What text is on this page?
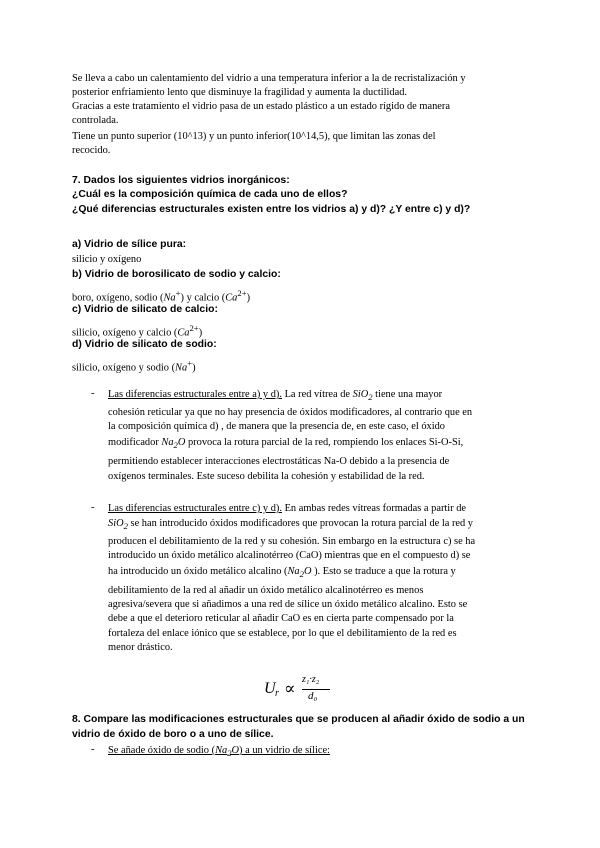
Se lleva a cabo un calentamiento del vidrio a una temperatura inferior a la de recristalización y
posterior enfriamiento lento que disminuye la fragilidad y aumenta la ductilidad.
Gracias a este tratamiento el vidrio pasa de un estado plástico a un estado rígido de manera
controlada.
Tiene un punto superior (10^13) y un punto inferior(10^14,5), que limitan las zonas del
recocido.
7. Dados los siguientes vidrios inorgánicos:
¿Cuál es la composición química de cada uno de ellos?
¿Qué diferencias estructurales existen entre los vidrios a) y d)? ¿Y entre c) y d)?
a) Vidrio de sílice pura:
silicio y oxígeno
b) Vidrio de borosilicato de sodio y calcio:
boro, oxígeno, sodio (Na+) y calcio $(Ca^{2+})$
c) Vidrio de silicato de calcio:
silicio, oxígeno y calcio $(Ca^{2+})$
d) Vidrio de silicato de sodio:
silicio, oxígeno y sodio (Na+)
- Las diferencias estructurales entre a) y d). La red vítrea de SiO$_2$ tiene una mayor
cohesión reticular ya que no hay presencia de óxidos modificadores, al contrario que en
la composición química d) , de manera que la presencia de, en este caso, el óxido
modificador $Na_2O$ provoca la rotura parcial de la red, rompiendo los enlaces Si-O-Si,
permitiendo establecer interacciones electrostáticas Na-O debido a la presencia de
oxígenos terminales. Este suceso debilita la cohesión y estabilidad de la red.
- Las diferencias estructurales entre c) y d). En ambas redes vítreas formadas a partir de
SiO$_2$ se han introducido óxidos modificadores que provocan la rotura parcial de la red y
producen el debilitamiento de la red y su cohesión. Sin embargo en la estructura c) se ha
introducido un óxido metálico alcalinotérreo (CaO) mientras que en el compuesto d) se
ha introducido un óxido metálico alcalino ($Na_2O$ ). Esto se traduce a que la rotura y
debilitamiento de la red al añadir un óxido metálico alcalinotérreo es menos
agresiva/severa que si añadimos a una red de sílice un óxido metálico alcalino. Esto se
debe a que el deterioro reticular al añadir CaO es en cierta parte compensado por la
fortaleza del enlace iónico que se establece, por lo que el debilitamiento de la red es
menor drástico.
U r ∝ z₁·z₂
d₀
8. Compare las modificaciones estructurales que se producen al añadir óxido de sodio a un
vidrio de óxido de boro o a uno de sílice.
- Se añade óxido de sodio $(Na_2O)$ a un vidrio de sílice:
